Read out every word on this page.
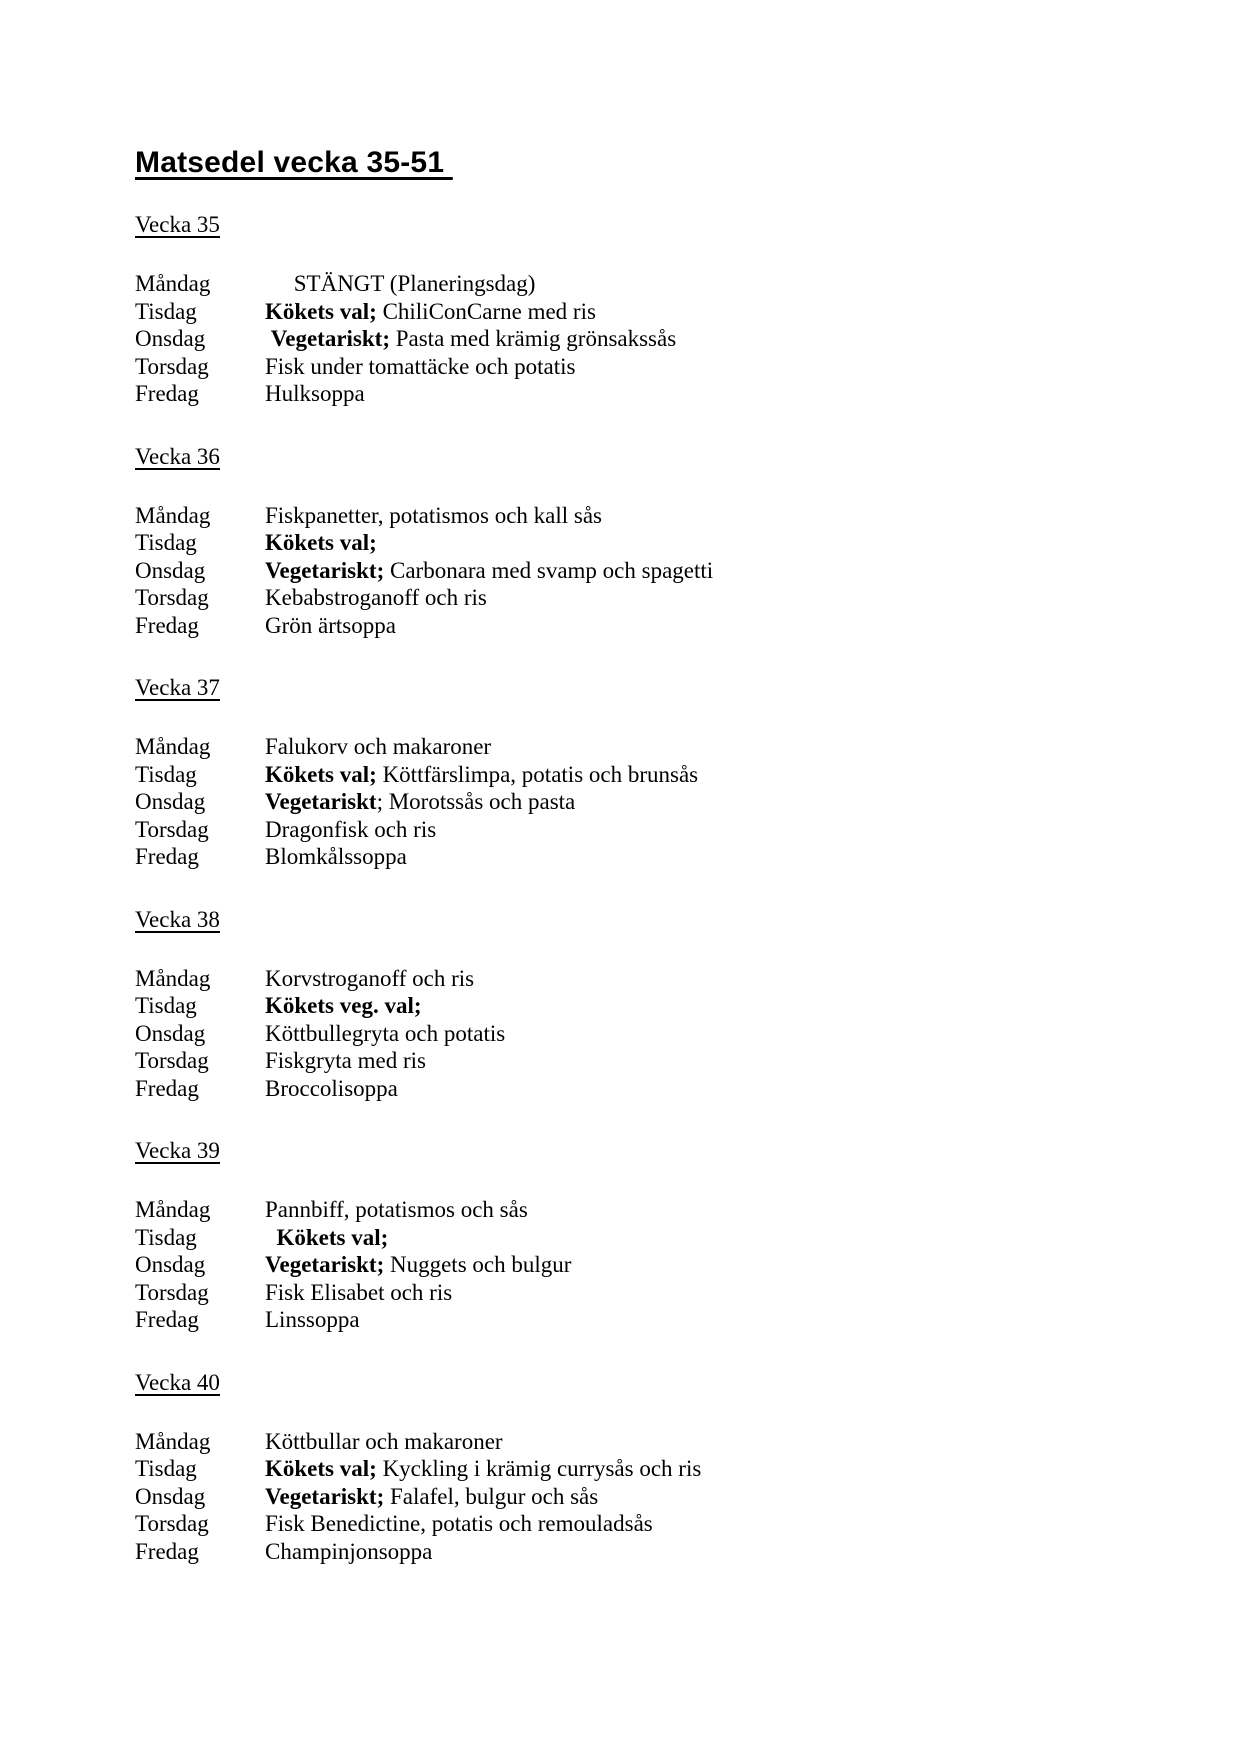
Matsedel vecka 35-51
Vecka 35
Måndag	STÄNGT (Planeringsdag)
Tisdag	Kökets val; ChiliConCarne med ris
Onsdag	Vegetariskt; Pasta med krämig grönsakssås
Torsdag	Fisk under tomattäcke och potatis
Fredag	Hulksoppa
Vecka 36
Måndag	Fiskpanetter, potatismos och kall sås
Tisdag	Kökets val;
Onsdag	Vegetariskt; Carbonara med svamp och spagetti
Torsdag	Kebabstroganoff och ris
Fredag	Grön ärtsoppa
Vecka 37
Måndag	Falukorv och makaroner
Tisdag	Kökets val; Köttfärslimpa, potatis och brunsås
Onsdag	Vegetariskt; Morotssås och pasta
Torsdag	Dragonfisk och ris
Fredag	Blomkålssoppa
Vecka 38
Måndag	Korvstroganoff och ris
Tisdag	Kökets veg. val;
Onsdag	Köttbullegryta och potatis
Torsdag	Fiskgryta med ris
Fredag	Broccolisoppa
Vecka 39
Måndag	Pannbiff, potatismos och sås
Tisdag	Kökets val;
Onsdag	Vegetariskt; Nuggets och bulgur
Torsdag	Fisk Elisabet och ris
Fredag	Linssoppa
Vecka 40
Måndag	Köttbullar och makaroner
Tisdag	Kökets val; Kyckling i krämig currysås och ris
Onsdag	Vegetariskt; Falafel, bulgur och sås
Torsdag	Fisk Benedictine, potatis och remouladsås
Fredag	Champinjonsoppa
